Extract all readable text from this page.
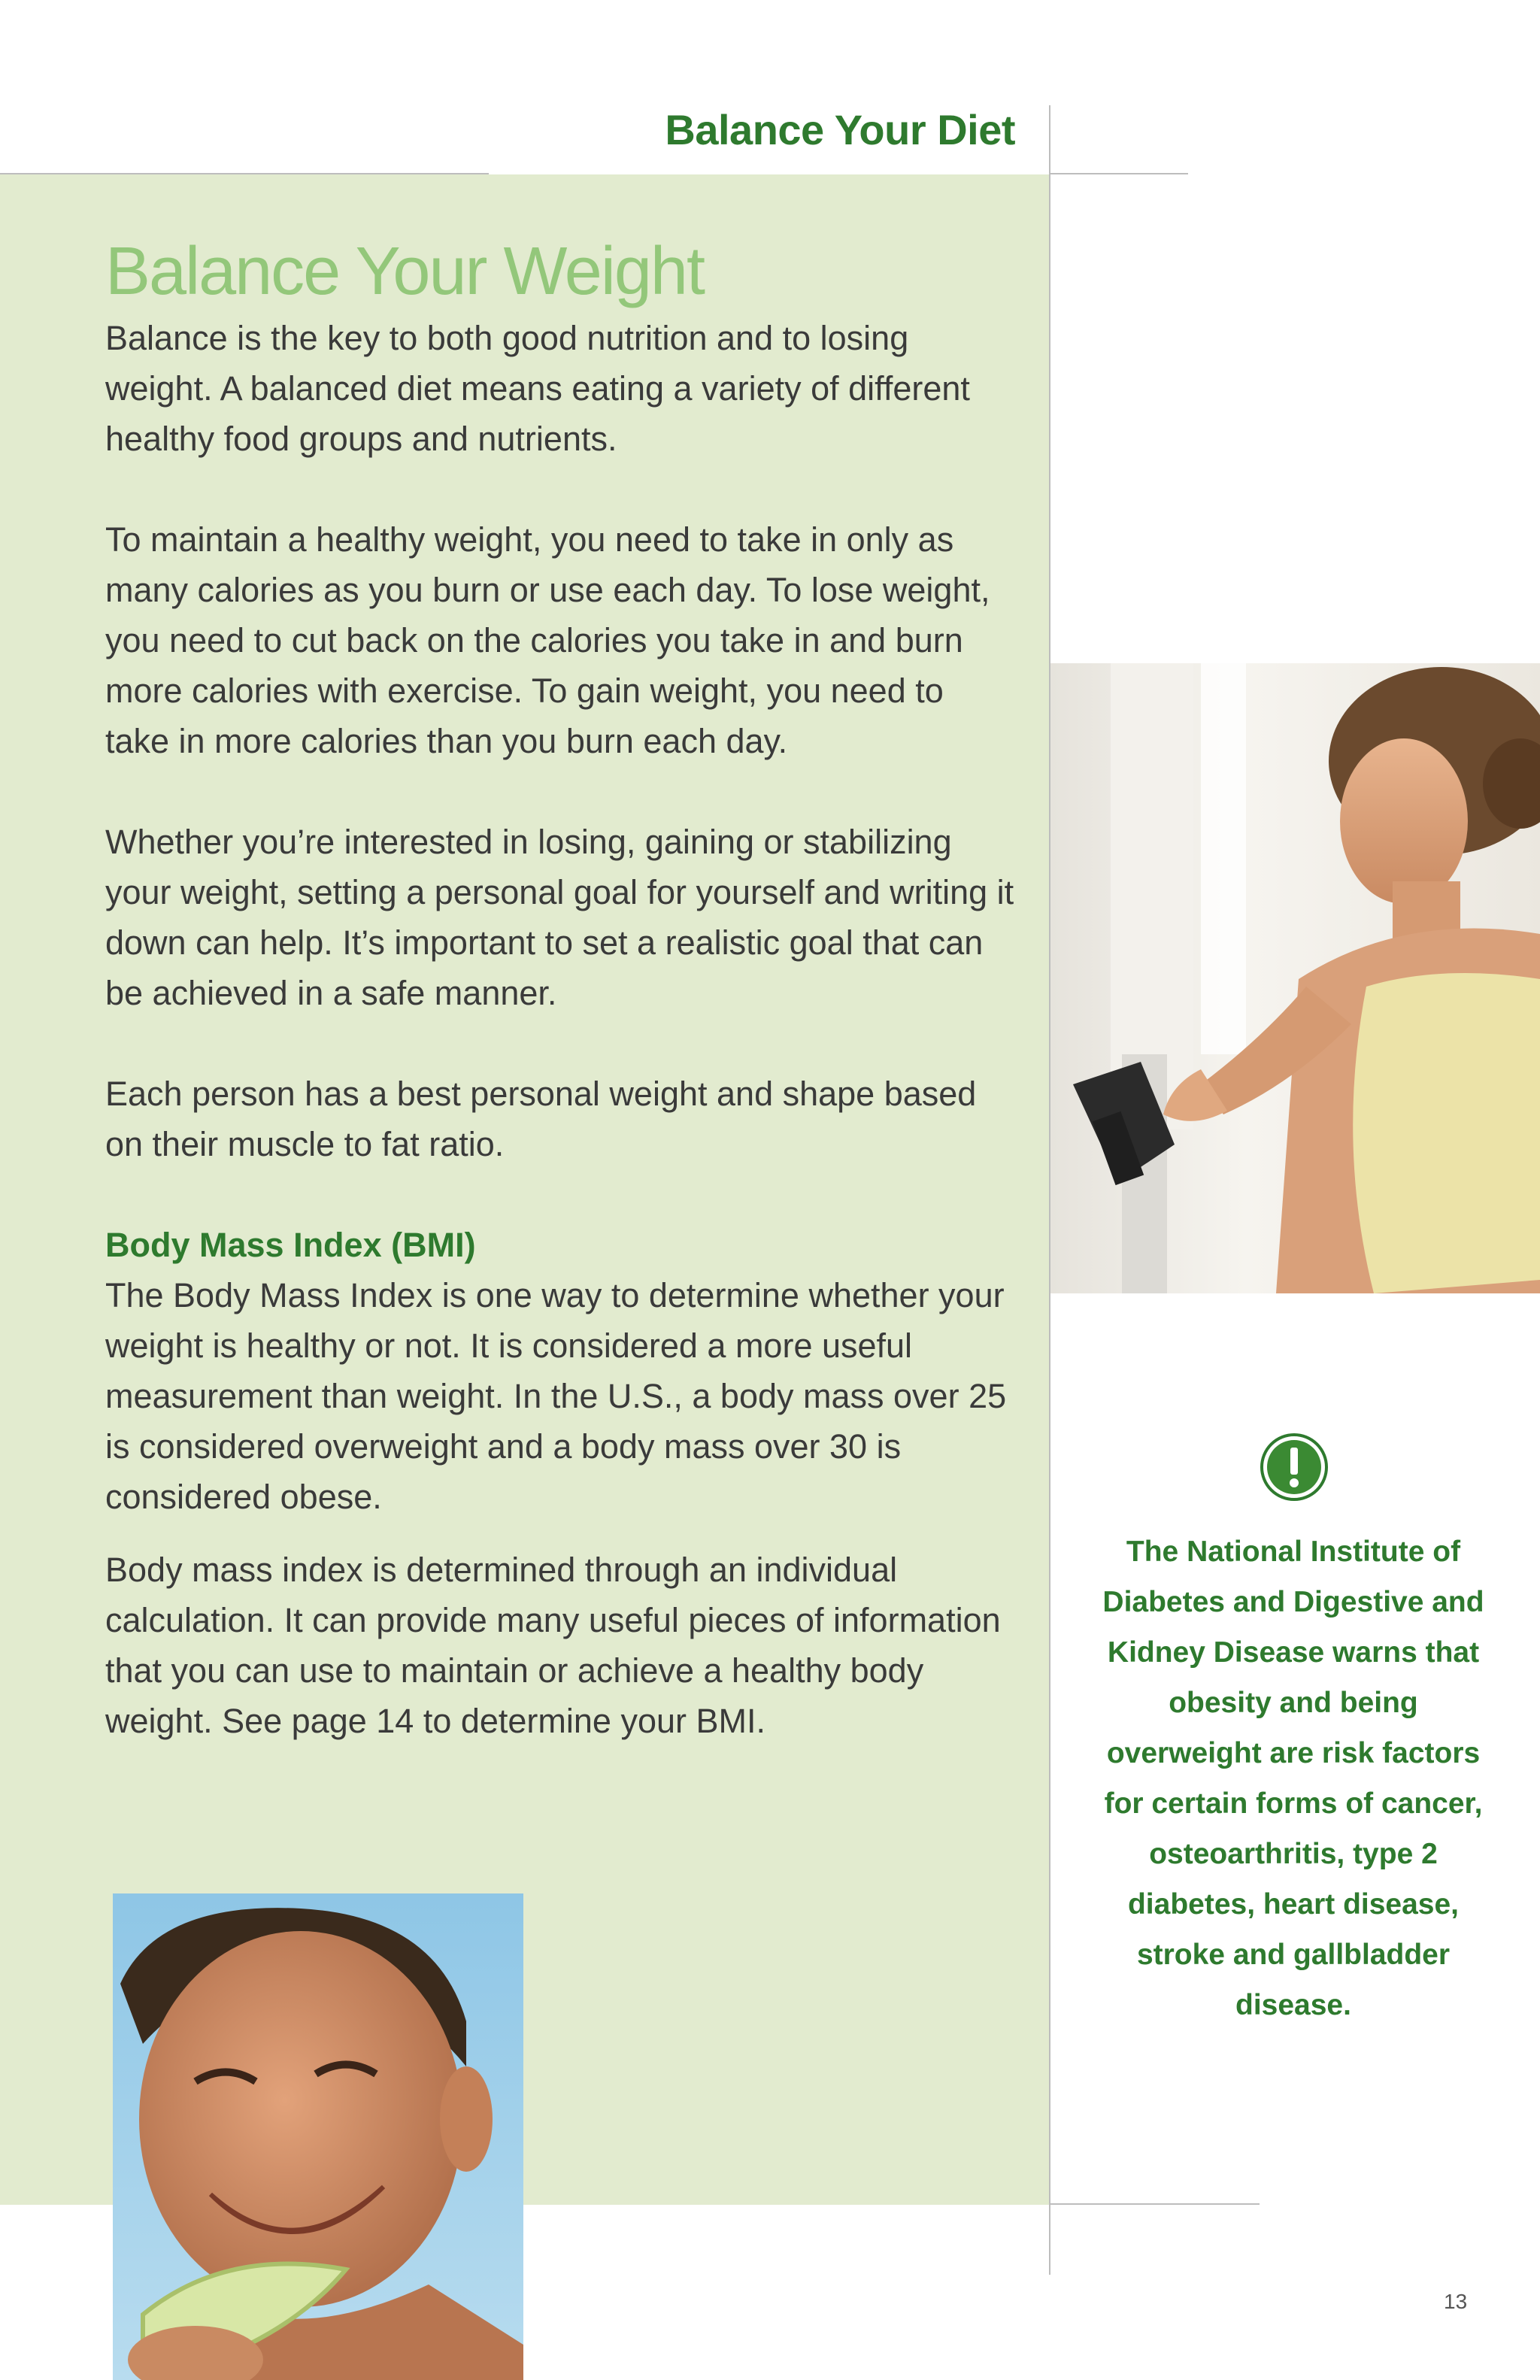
Balance Your Diet
Balance Your Weight

Balance is the key to both good nutrition and to losing weight. A balanced diet means eating a variety of different healthy food groups and nutrients.

To maintain a healthy weight, you need to take in only as many calories as you burn or use each day. To lose weight, you need to cut back on the calories you take in and burn more calories with exercise. To gain weight, you need to take in more calories than you burn each day.

Whether you’re interested in losing, gaining or stabilizing your weight, setting a personal goal for yourself and writing it down can help. It’s important to set a realistic goal that can be achieved in a safe manner.

Each person has a best personal weight and shape based on their muscle to fat ratio.

Body Mass Index (BMI)

The Body Mass Index is one way to determine whether your weight is healthy or not. It is considered a more useful measurement than weight. In the U.S., a body mass over 25 is considered overweight and a body mass over 30 is considered obese.

Body mass index is determined through an individual calculation. It can provide many useful pieces of information that you can use to maintain or achieve a healthy body weight. See page 14 to determine your BMI.

The National Institute of Diabetes and Digestive and Kidney Disease warns that obesity and being overweight are risk factors for certain forms of cancer, osteoarthritis, type 2 diabetes, heart disease, stroke and gallbladder disease.
13
